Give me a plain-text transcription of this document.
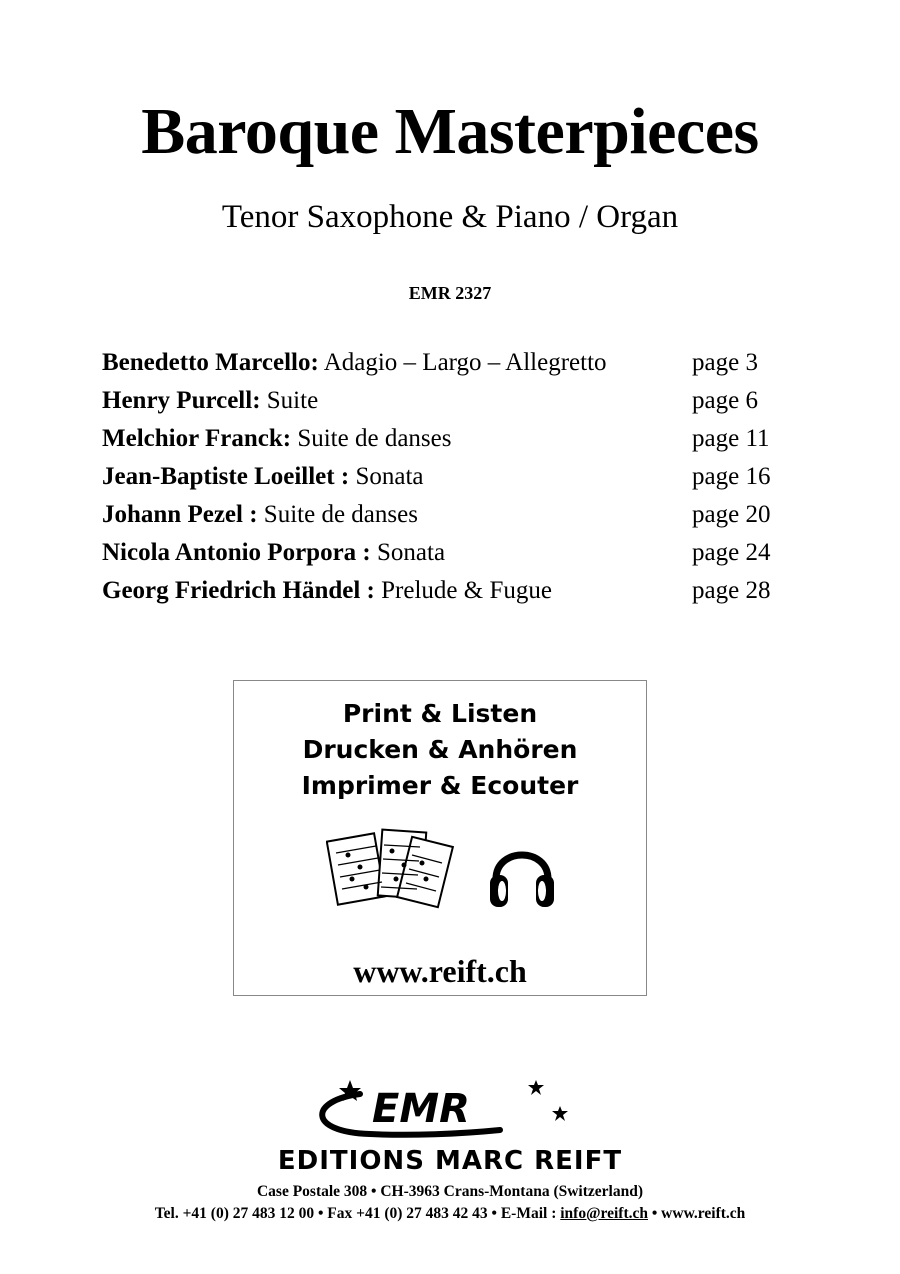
Baroque Masterpieces
Tenor Saxophone & Piano / Organ
EMR 2327
Benedetto Marcello: Adagio – Largo – Allegretto	page 3
Henry Purcell: Suite	page 6
Melchior Franck: Suite de danses	page 11
Jean-Baptiste Loeillet : Sonata	page 16
Johann Pezel : Suite de danses	page 20
Nicola Antonio Porpora : Sonata	page 24
Georg Friedrich Händel : Prelude & Fugue	page 28
Print & Listen
Drucken & Anhören
Imprimer & Ecouter
www.reift.ch
EMR
EDITIONS MARC REIFT
Case Postale 308 • CH-3963 Crans-Montana (Switzerland)
Tel. +41 (0) 27 483 12 00 • Fax +41 (0) 27 483 42 43 • E-Mail : info@reift.ch • www.reift.ch
